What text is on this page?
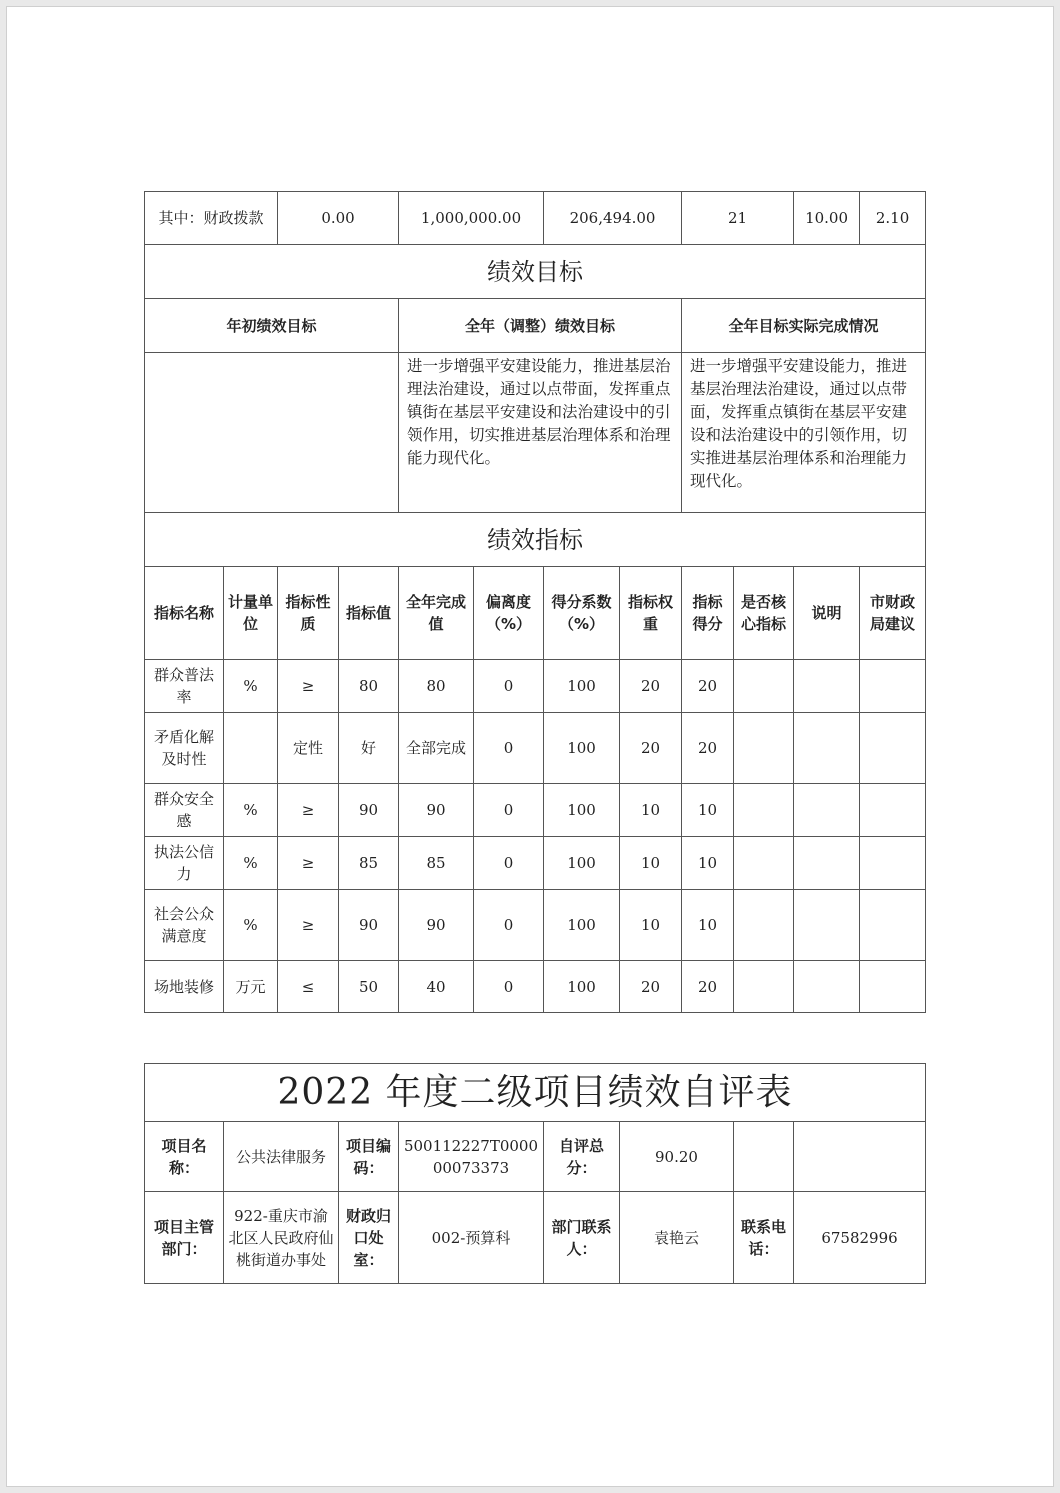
其中：财政拨款		0.00		1,000,000.00		206,494.00		21		10.00	2.10
绩效目标											
年初绩效目标				全年（调整）绩效目标				全年目标实际完成情况			
				进一步增强平安建设能力，推进基层治理法治建设，通过以点带面，发挥重点镇街在基层平安建设和法治建设中的引领作用，切实推进基层治理体系和治理能力现代化。				进一步增强平安建设能力，推进基层治理法治建设，通过以点带面，发挥重点镇街在基层平安建设和法治建设中的引领作用，切实推进基层治理体系和治理能力现代化。			
绩效指标											
指标名称	计量单位	指标性质	指标值	全年完成值	偏离度（%）	得分系数（%）	指标权重	指标得分	是否核心指标	说明	市财政局建议
群众普法率	%	≥	80	80	0	100	20	20			
矛盾化解及时性		定性	好	全部完成	0	100	20	20			
群众安全感	%	≥	90	90	0	100	10	10			
执法公信力	%	≥	85	85	0	100	10	10			
社会公众满意度	%	≥	90	90	0	100	10	10			
场地装修	万元	≤	50	40	0	100	20	20			
2022 年度二级项目绩效自评表							
项目名称：	公共法律服务	项目编码：	500112227T000000073373	自评总分：	90.20		
项目主管部门：	922-重庆市渝北区人民政府仙桃街道办事处	财政归口处室：	002-预算科	部门联系人：	袁艳云	联系电话：	67582996
